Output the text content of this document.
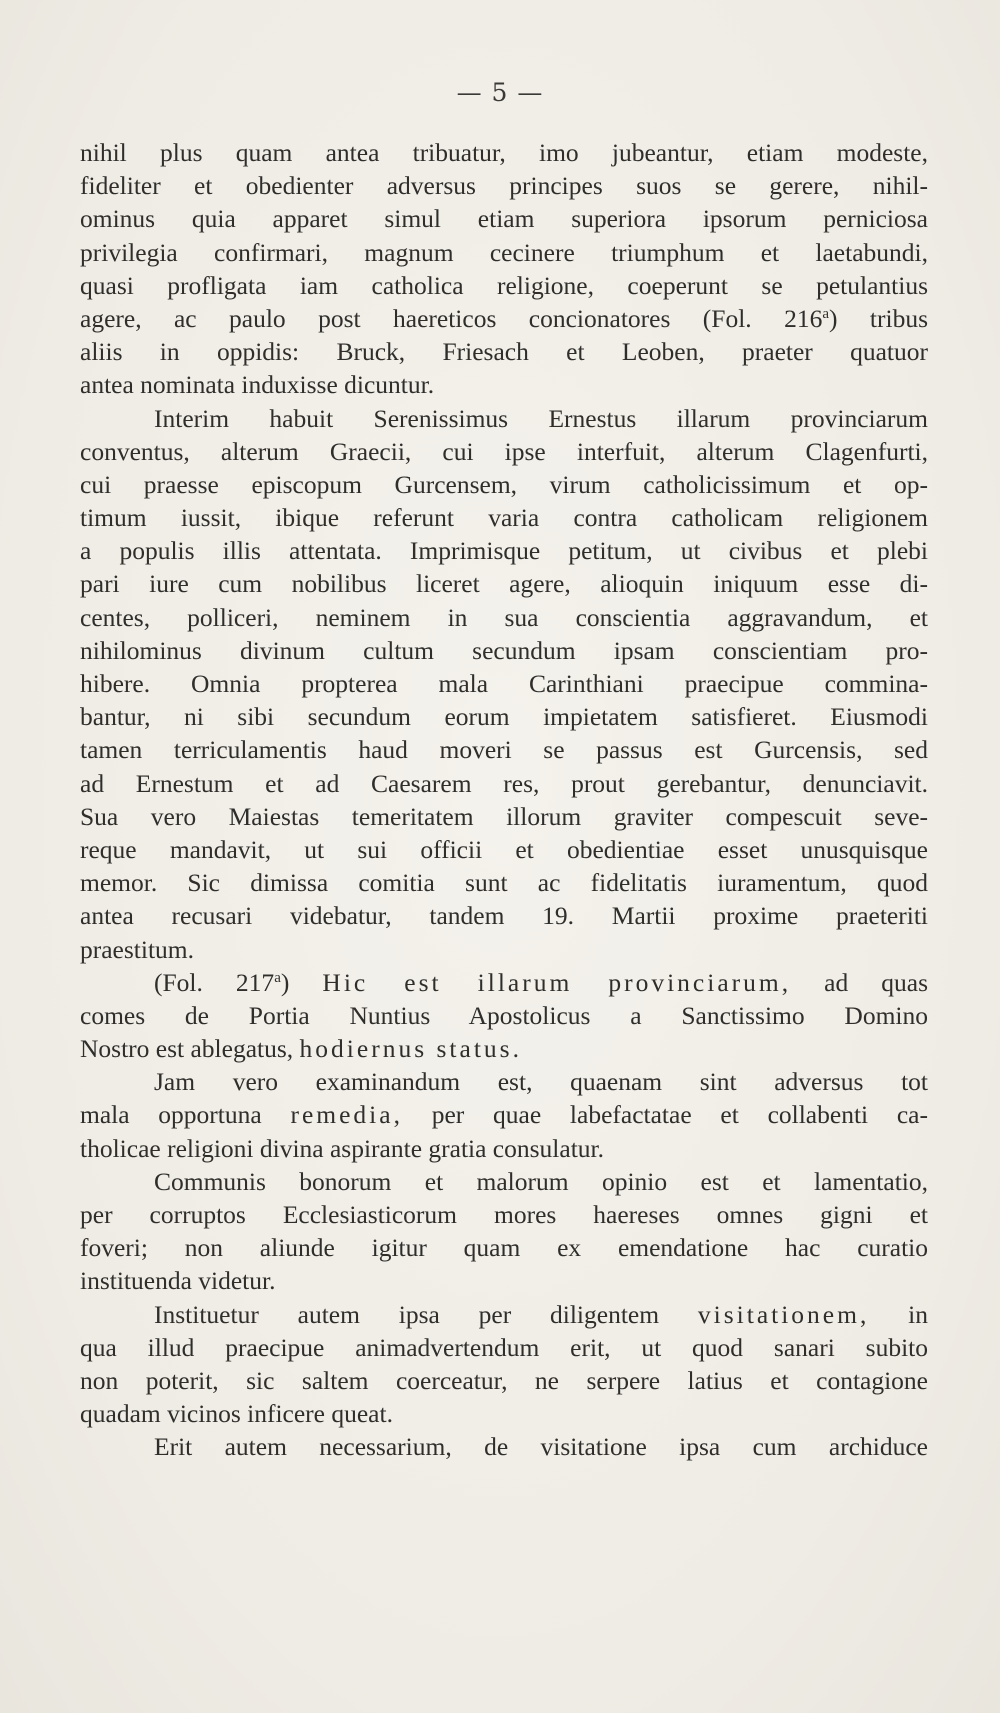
— 5 —
nihil plus quam antea tribuatur, imo jubeantur, etiam modeste,
fideliter et obedienter adversus principes suos se gerere, nihil-
ominus quia apparet simul etiam superiora ipsorum perniciosa
privilegia confirmari, magnum cecinere triumphum et laetabundi,
quasi profligata iam catholica religione, coeperunt se petulantius
agere, ac paulo post haereticos concionatores (Fol. 216$^a$) tribus
aliis in oppidis: Bruck, Friesach et Leoben, praeter quatuor
antea nominata induxisse dicuntur.
Interim habuit Serenissimus Ernestus illarum provinciarum
conventus, alterum Graecii, cui ipse interfuit, alterum Clagenfurti,
cui praesse episcopum Gurcensem, virum catholicissimum et op-
timum iussit, ibique referunt varia contra catholicam religionem
a populis illis attentata. Imprimisque petitum, ut civibus et plebi
pari iure cum nobilibus liceret agere, alioquin iniquum esse di-
centes, polliceri, neminem in sua conscientia aggravandum, et
nihilominus divinum cultum secundum ipsam conscientiam pro-
hibere. Omnia propterea mala Carinthiani praecipue commina-
bantur, ni sibi secundum eorum impietatem satisfieret. Eiusmodi
tamen terriculamentis haud moveri se passus est Gurcensis, sed
ad Ernestum et ad Caesarem res, prout gerebantur, denunciavit.
Sua vero Maiestas temeritatem illorum graviter compescuit seve-
reque mandavit, ut sui officii et obedientiae esset unusquisque
memor. Sic dimissa comitia sunt ac fidelitatis iuramentum, quod
antea recusari videbatur, tandem 19. Martii proxime praeteriti
praestitum.
(Fol. 217$^a$) Hic est illarum provinciarum, ad quas
comes de Portia Nuntius Apostolicus a Sanctissimo Domino
Nostro est ablegatus, hodiernus status.
Jam vero examinandum est, quaenam sint adversus tot
mala opportuna remedia, per quae labefactatae et collabenti ca-
tholicae religioni divina aspirante gratia consulatur.
Communis bonorum et malorum opinio est et lamentatio,
per corruptos Ecclesiasticorum mores haereses omnes gigni et
foveri; non aliunde igitur quam ex emendatione hac curatio
instituenda videtur.
Instituetur autem ipsa per diligentem visitationem, in
qua illud praecipue animadvertendum erit, ut quod sanari subito
non poterit, sic saltem coerceatur, ne serpere latius et contagione
quadam vicinos inficere queat.
Erit autem necessarium, de visitatione ipsa cum archiduce
